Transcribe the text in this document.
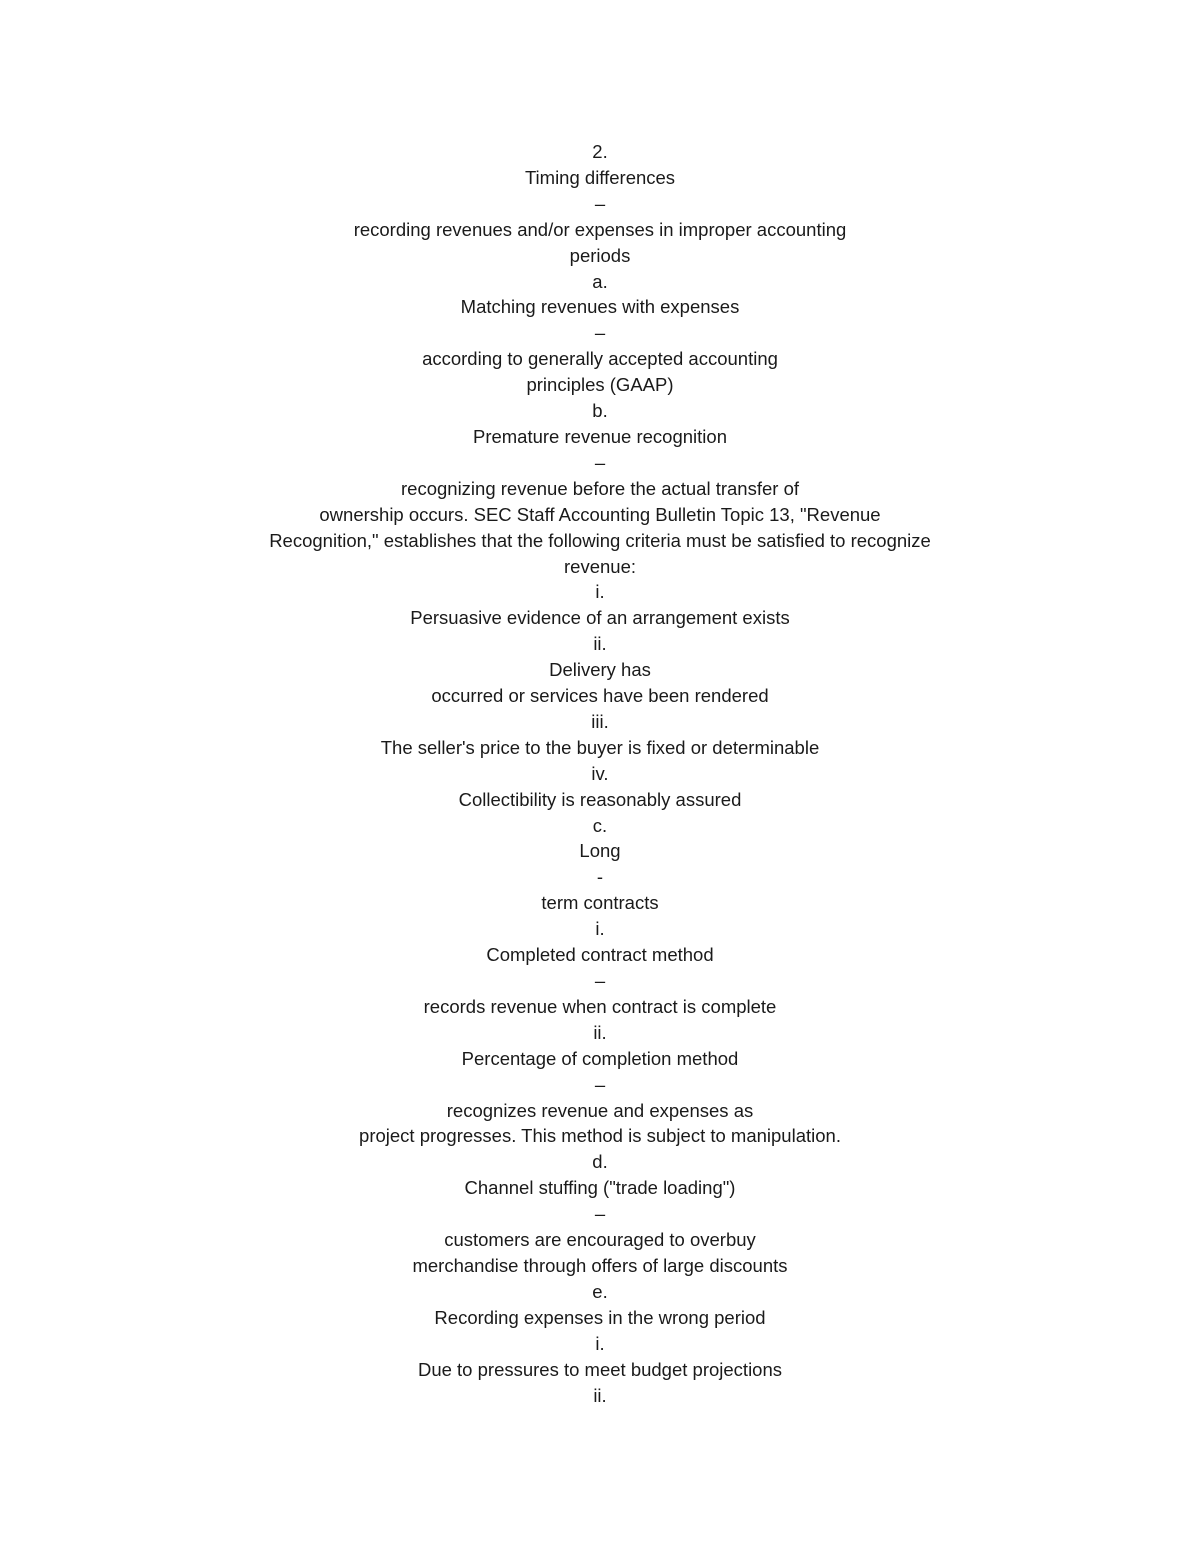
2.
Timing differences
–
recording revenues and/or expenses in improper accounting
periods
a.
Matching revenues with expenses
–
according to generally accepted accounting
principles (GAAP)
b.
Premature revenue recognition
–
recognizing revenue before the actual transfer of
ownership occurs. SEC Staff Accounting Bulletin Topic 13, "Revenue
Recognition," establishes that the following criteria must be satisfied to recognize
revenue:
i.
Persuasive evidence of an arrangement exists
ii.
Delivery has
occurred or services have been rendered
iii.
The seller's price to the buyer is fixed or determinable
iv.
Collectibility is reasonably assured
c.
Long
-
term contracts
i.
Completed contract method
–
records revenue when contract is complete
ii.
Percentage of completion method
–
recognizes revenue and expenses as
project progresses. This method is subject to manipulation.
d.
Channel stuffing ("trade loading")
–
customers are encouraged to overbuy
merchandise through offers of large discounts
e.
Recording expenses in the wrong period
i.
Due to pressures to meet budget projections
ii.
